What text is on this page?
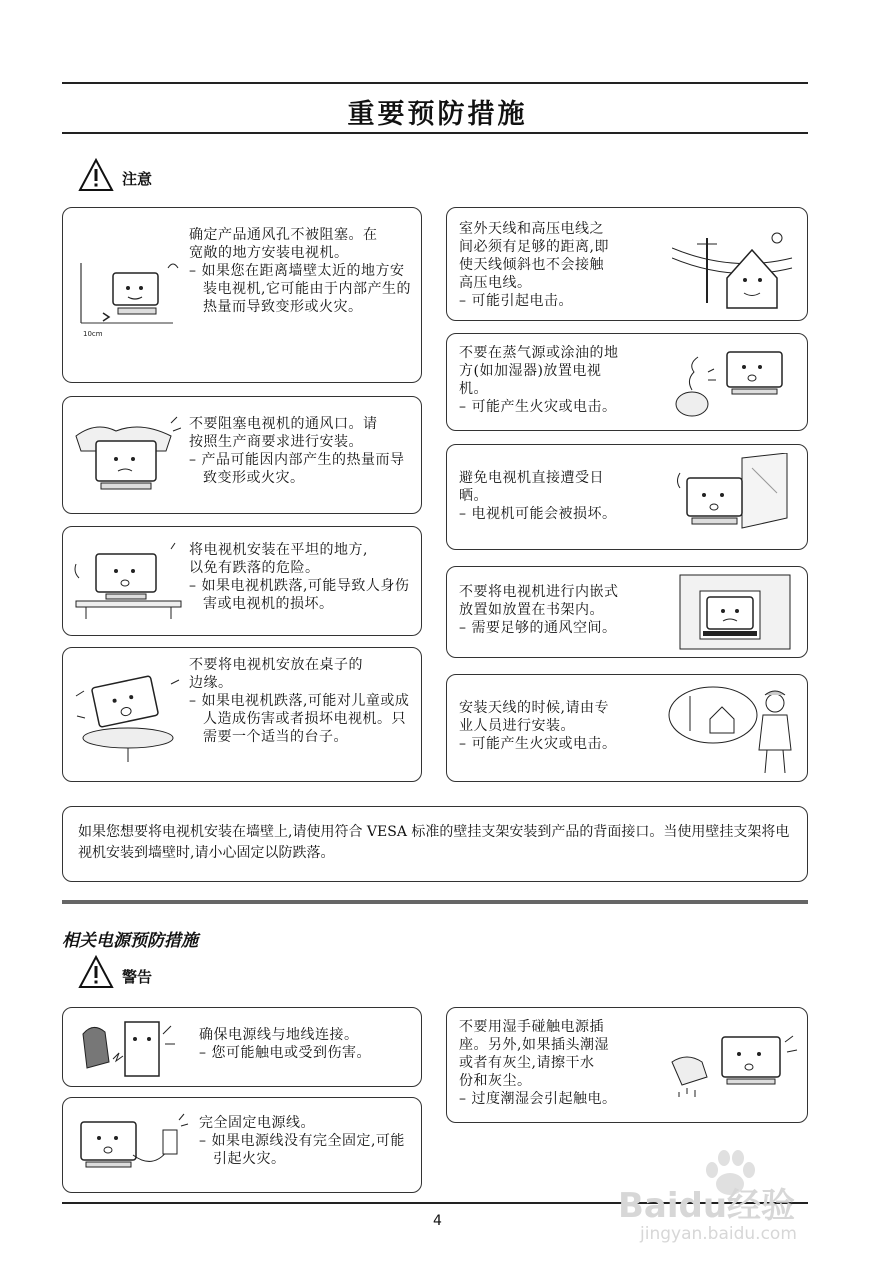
重要预防措施
注意
10cm
确定产品通风孔不被阻塞。在
宽敞的地方安装电视机。
– 如果您在距离墙壁太近的地方安装电视机,它可能由于内部产生的热量而导致变形或火灾。
不要阻塞电视机的通风口。请
按照生产商要求进行安装。
– 产品可能因内部产生的热量而导致变形或火灾。
将电视机安装在平坦的地方,
以免有跌落的危险。
– 如果电视机跌落,可能导致人身伤害或电视机的损坏。
不要将电视机安放在桌子的
边缘。
– 如果电视机跌落,可能对儿童或成人造成伤害或者损坏电视机。只需要一个适当的台子。
室外天线和高压电线之
间必须有足够的距离,即
使天线倾斜也不会接触
高压电线。
– 可能引起电击。
不要在蒸气源或涂油的地
方(如加湿器)放置电视
机。
– 可能产生火灾或电击。
避免电视机直接遭受日
晒。
– 电视机可能会被损坏。
不要将电视机进行内嵌式
放置如放置在书架内。
– 需要足够的通风空间。
安装天线的时候,请由专
业人员进行安装。
– 可能产生火灾或电击。
如果您想要将电视机安装在墙壁上,请使用符合 VESA 标准的壁挂支架安装到产品的背面接口。当使用壁挂支架将电视机安装到墙壁时,请小心固定以防跌落。
相关电源预防措施
警告
确保电源线与地线连接。
– 您可能触电或受到伤害。
完全固定电源线。
– 如果电源线没有完全固定,可能引起火灾。
不要用湿手碰触电源插
座。另外,如果插头潮湿
或者有灰尘,请擦干水
份和灰尘。
– 过度潮湿会引起触电。
4	Baidu经验
jingyan.baidu.com
